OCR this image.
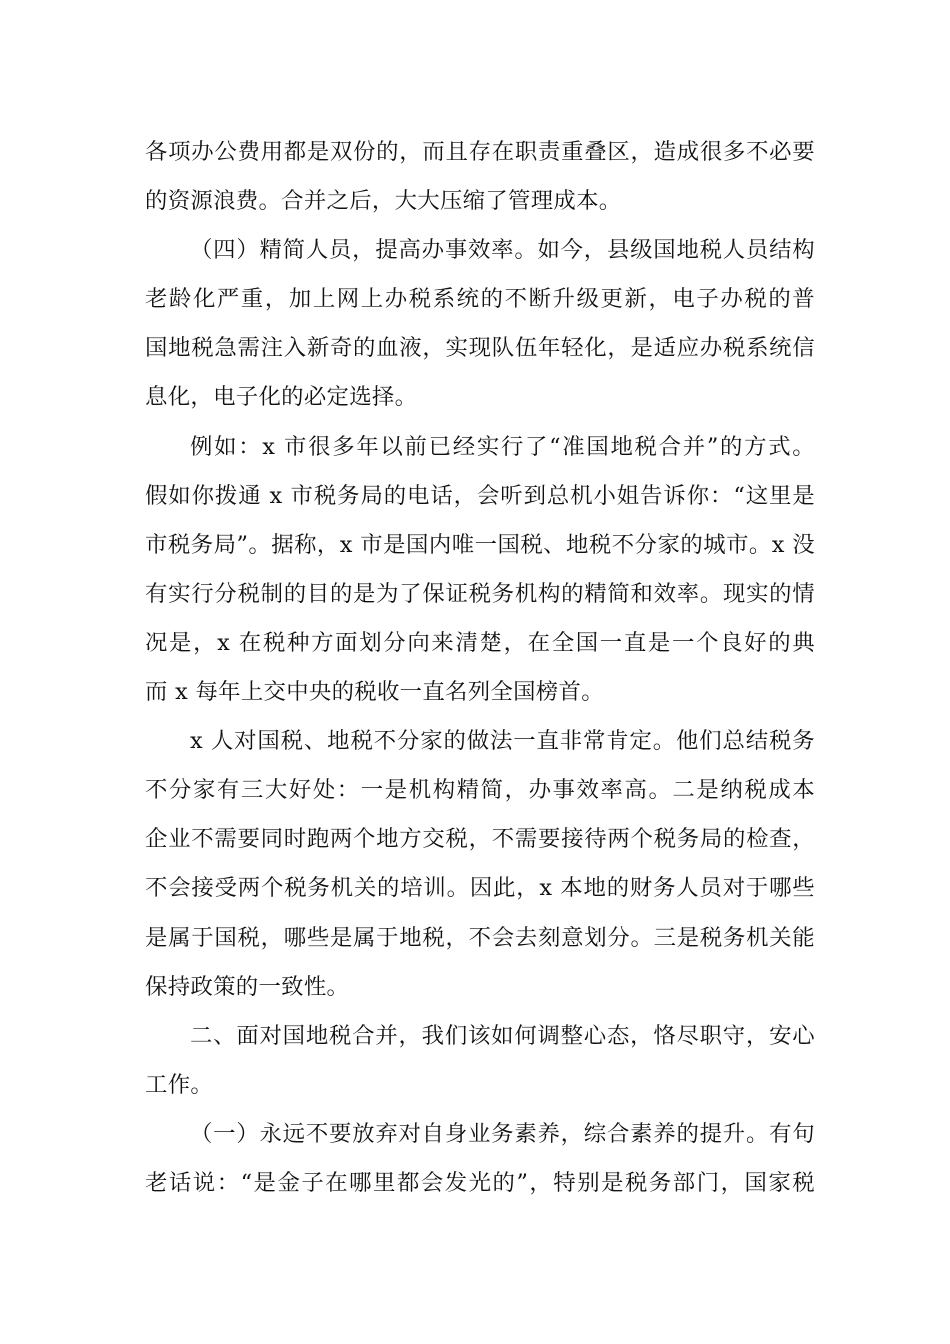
各项办公费用都是双份的，而且存在职责重叠区，造成很多不必要
的资源浪费。合并之后，大大压缩了管理成本。
（四）精简人员，提高办事效率。如今，县级国地税人员结构
老龄化严重，加上网上办税系统的不断升级更新，电子办税的普
国地税急需注入新奇的血液，实现队伍年轻化，是适应办税系统信
息化，电子化的必定选择。
例如：x 市很多年以前已经实行了“准国地税合并”的方式。
假如你拨通 x 市税务局的电话，会听到总机小姐告诉你：“这里是
市税务局”。据称，x 市是国内唯一国税、地税不分家的城市。x 没
有实行分税制的目的是为了保证税务机构的精简和效率。现实的情
况是，x 在税种方面划分向来清楚，在全国一直是一个良好的典
而 x 每年上交中央的税收一直名列全国榜首。
x 人对国税、地税不分家的做法一直非常肯定。他们总结税务
不分家有三大好处：一是机构精简，办事效率高。二是纳税成本
企业不需要同时跑两个地方交税，不需要接待两个税务局的检查，
不会接受两个税务机关的培训。因此，x 本地的财务人员对于哪些
是属于国税，哪些是属于地税，不会去刻意划分。三是税务机关能
保持政策的一致性。
二、面对国地税合并，我们该如何调整心态，恪尽职守，安心
工作。
（一）永远不要放弃对自身业务素养，综合素养的提升。有句
老话说：“是金子在哪里都会发光的”，特别是税务部门，国家税
